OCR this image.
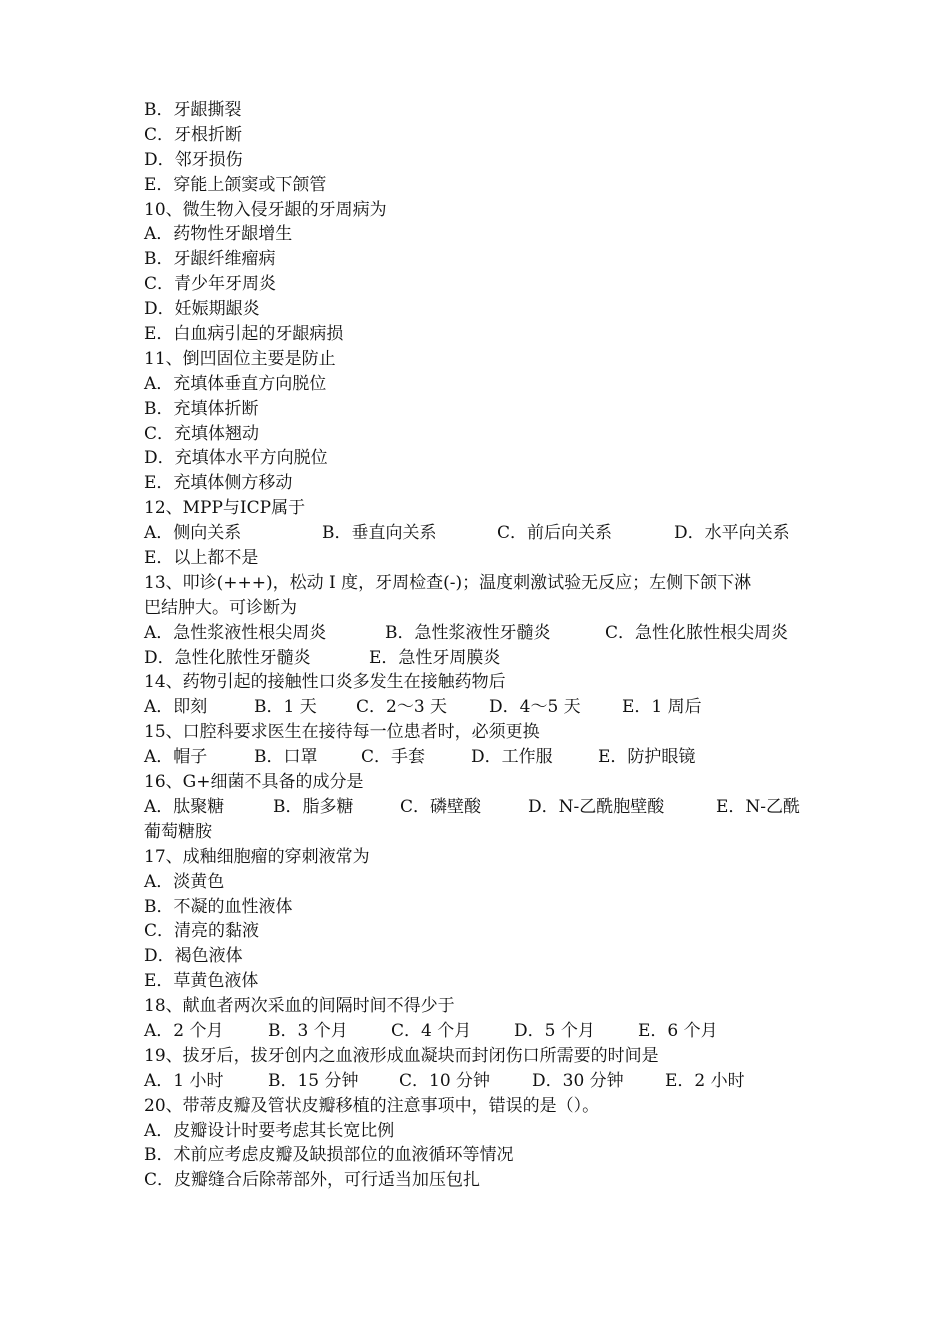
B．牙龈撕裂
C．牙根折断
D．邻牙损伤
E．穿能上颌窦或下颌管
10、微生物入侵牙龈的牙周病为
A．药物性牙龈增生
B．牙龈纤维瘤病
C．青少年牙周炎
D．妊娠期龈炎
E．白血病引起的牙龈病损
11、倒凹固位主要是防止
A．充填体垂直方向脱位
B．充填体折断
C．充填体翘动
D．充填体水平方向脱位
E．充填体侧方移动
12、MPP与ICP属于
A．侧向关系	B．垂直向关系	C．前后向关系	D．水平向关系
E．以上都不是
13、叩诊(+++)，松动 I 度，牙周检查(-)；温度刺激试验无反应；左侧下颌下淋
巴结肿大。可诊断为
A．急性浆液性根尖周炎	B．急性浆液性牙髓炎	C．急性化脓性根尖周炎
D．急性化脓性牙髓炎	E．急性牙周膜炎
14、药物引起的接触性口炎多发生在接触药物后
A．即刻	B．1 天	C．2～3 天	D．4～5 天	E．1 周后
15、口腔科要求医生在接待每一位患者时，必须更换
A．帽子	B．口罩	C．手套	D．工作服	E．防护眼镜
16、G+细菌不具备的成分是
A．肽聚糖	B．脂多糖	C．磷壁酸	D．N-乙酰胞壁酸	E．N-乙酰
葡萄糖胺
17、成釉细胞瘤的穿刺液常为
A．淡黄色
B．不凝的血性液体
C．清亮的黏液
D．褐色液体
E．草黄色液体
18、献血者两次采血的间隔时间不得少于
A．2 个月	B．3 个月	C．4 个月	D．5 个月	E．6 个月
19、拔牙后，拔牙创内之血液形成血凝块而封闭伤口所需要的时间是
A．1 小时	B．15 分钟	C．10 分钟	D．30 分钟	E．2 小时
20、带蒂皮瓣及管状皮瓣移植的注意事项中，错误的是（）。
A．皮瓣设计时要考虑其长宽比例
B．术前应考虑皮瓣及缺损部位的血液循环等情况
C．皮瓣缝合后除蒂部外，可行适当加压包扎
